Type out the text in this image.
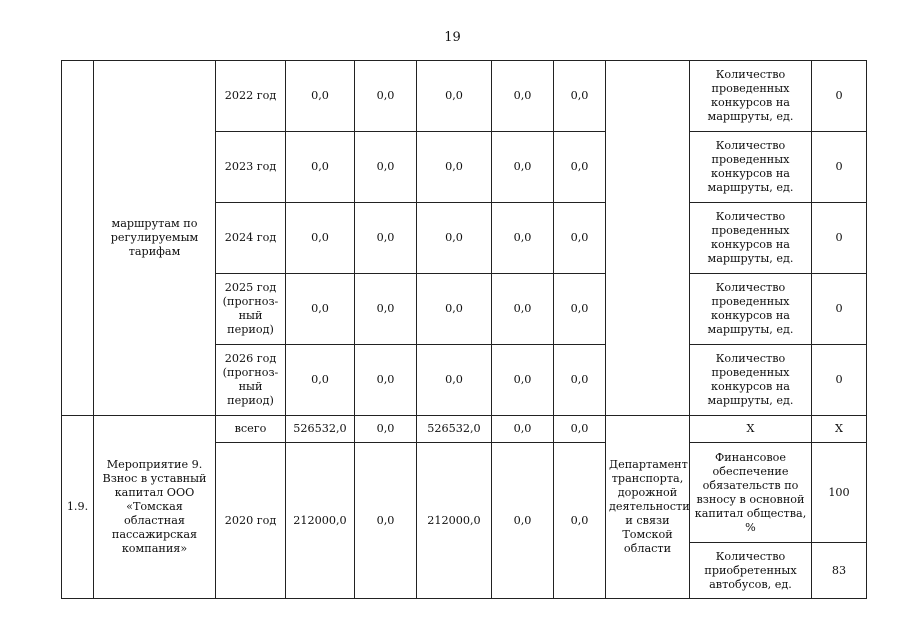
19
	маршрутам по регулируемым тарифам	2022 год	0,0	0,0	0,0	0,0	0,0		Количество проведенных конкурсов на маршруты, ед.	0
		2023 год	0,0	0,0	0,0	0,0	0,0		Количество проведенных конкурсов на маршруты, ед.	0
		2024 год	0,0	0,0	0,0	0,0	0,0		Количество проведенных конкурсов на маршруты, ед.	0
		2025 год (прогноз-ный период)	0,0	0,0	0,0	0,0	0,0		Количество проведенных конкурсов на маршруты, ед.	0
		2026 год (прогноз-ный период)	0,0	0,0	0,0	0,0	0,0		Количество проведенных конкурсов на маршруты, ед.	0
1.9.	Мероприятие 9. Взнос в уставный капитал ООО «Томская областная пассажирская компания»	всего	526532,0	0,0	526532,0	0,0	0,0	Департамент транспорта, дорожной деятельности и связи Томской области	Х	Х
		2020 год	212000,0	0,0	212000,0	0,0	0,0		Финансовое обеспечение обязательств по взносу в основной капитал общества, %	100
									Количество приобретенных автобусов, ед.	83
